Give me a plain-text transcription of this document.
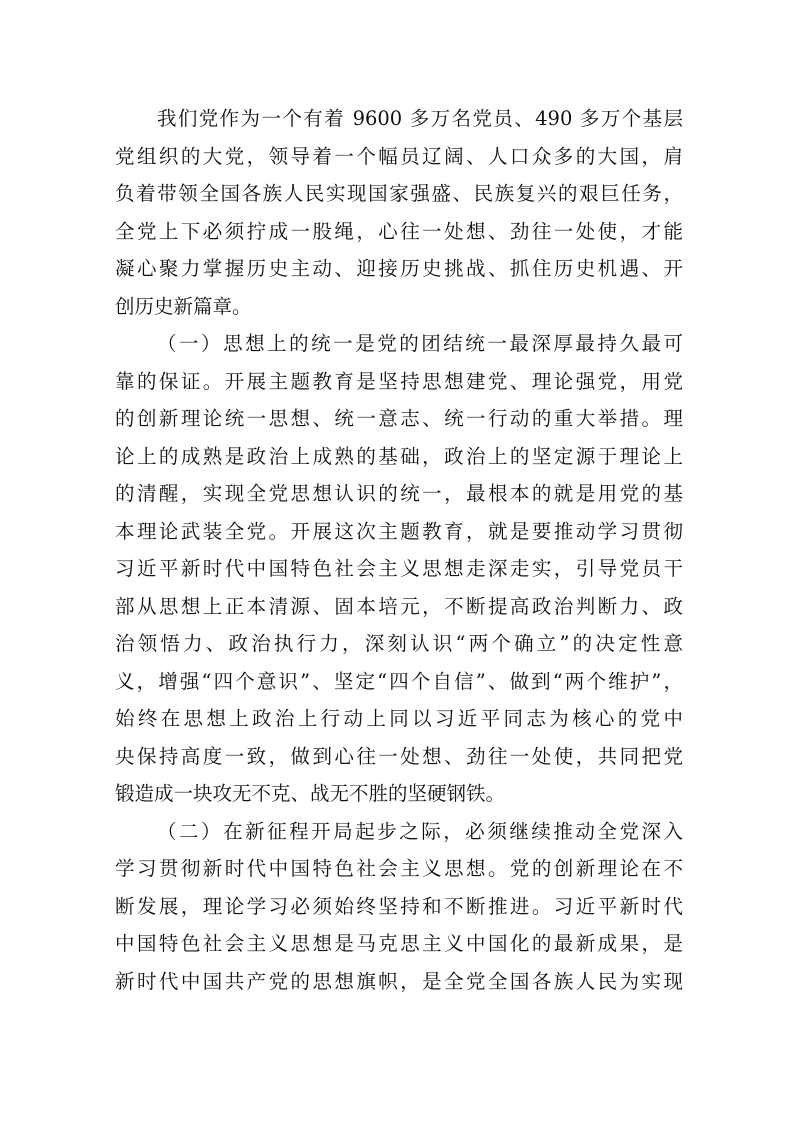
我们党作为一个有着 9600 多万名党员、490 多万个基层
党组织的大党，领导着一个幅员辽阔、人口众多的大国，肩
负着带领全国各族人民实现国家强盛、民族复兴的艰巨任务，
全党上下必须拧成一股绳，心往一处想、劲往一处使，才能
凝心聚力掌握历史主动、迎接历史挑战、抓住历史机遇、开
创历史新篇章。
（一）思想上的统一是党的团结统一最深厚最持久最可
靠的保证。开展主题教育是坚持思想建党、理论强党，用党
的创新理论统一思想、统一意志、统一行动的重大举措。理
论上的成熟是政治上成熟的基础，政治上的坚定源于理论上
的清醒，实现全党思想认识的统一，最根本的就是用党的基
本理论武装全党。开展这次主题教育，就是要推动学习贯彻
习近平新时代中国特色社会主义思想走深走实，引导党员干
部从思想上正本清源、固本培元，不断提高政治判断力、政
治领悟力、政治执行力，深刻认识“两个确立”的决定性意
义，增强“四个意识”、坚定“四个自信”、做到“两个维护”，
始终在思想上政治上行动上同以习近平同志为核心的党中
央保持高度一致，做到心往一处想、劲往一处使，共同把党
锻造成一块攻无不克、战无不胜的坚硬钢铁。
（二）在新征程开局起步之际，必须继续推动全党深入
学习贯彻新时代中国特色社会主义思想。党的创新理论在不
断发展，理论学习必须始终坚持和不断推进。习近平新时代
中国特色社会主义思想是马克思主义中国化的最新成果，是
新时代中国共产党的思想旗帜，是全党全国各族人民为实现
